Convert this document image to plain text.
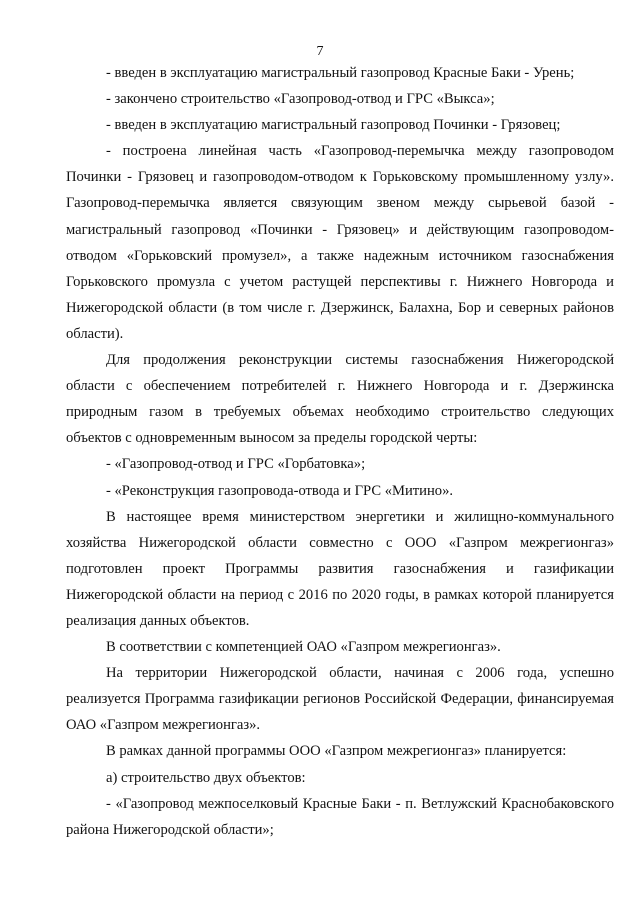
7

- введен в эксплуатацию магистральный газопровод Красные Баки - Урень;

- закончено строительство «Газопровод-отвод и ГРС «Выкса»;

- введен в эксплуатацию магистральный газопровод Починки - Грязовец;

- построена линейная часть «Газопровод-перемычка между газопроводом Починки - Грязовец и газопроводом-отводом к Горьковскому промышленному узлу». Газопровод-перемычка является связующим звеном между сырьевой базой - магистральный газопровод «Починки - Грязовец» и действующим газопроводом-отводом «Горьковский промузел», а также надежным источником газоснабжения Горьковского промузла с учетом растущей перспективы г. Нижнего Новгорода и Нижегородской области (в том числе г. Дзержинск, Балахна, Бор и северных районов области).

Для продолжения реконструкции системы газоснабжения Нижегородской области с обеспечением потребителей г. Нижнего Новгорода и г. Дзержинска природным газом в требуемых объемах необходимо строительство следующих объектов с одновременным выносом за пределы городской черты:

- «Газопровод-отвод и ГРС «Горбатовка»;

- «Реконструкция газопровода-отвода и ГРС «Митино».

В настоящее время министерством энергетики и жилищно-коммунального хозяйства Нижегородской области совместно с ООО «Газпром межрегионгаз» подготовлен проект Программы развития газоснабжения и газификации Нижегородской области на период с 2016 по 2020 годы, в рамках которой планируется реализация данных объектов.

В соответствии с компетенцией ОАО «Газпром межрегионгаз».

На территории Нижегородской области, начиная с 2006 года, успешно реализуется Программа газификации регионов Российской Федерации, финансируемая ОАО «Газпром межрегионгаз».

В рамках данной программы ООО «Газпром межрегионгаз» планируется:

а) строительство двух объектов:

- «Газопровод межпоселковый Красные Баки - п. Ветлужский Краснобаковского района Нижегородской области»;
